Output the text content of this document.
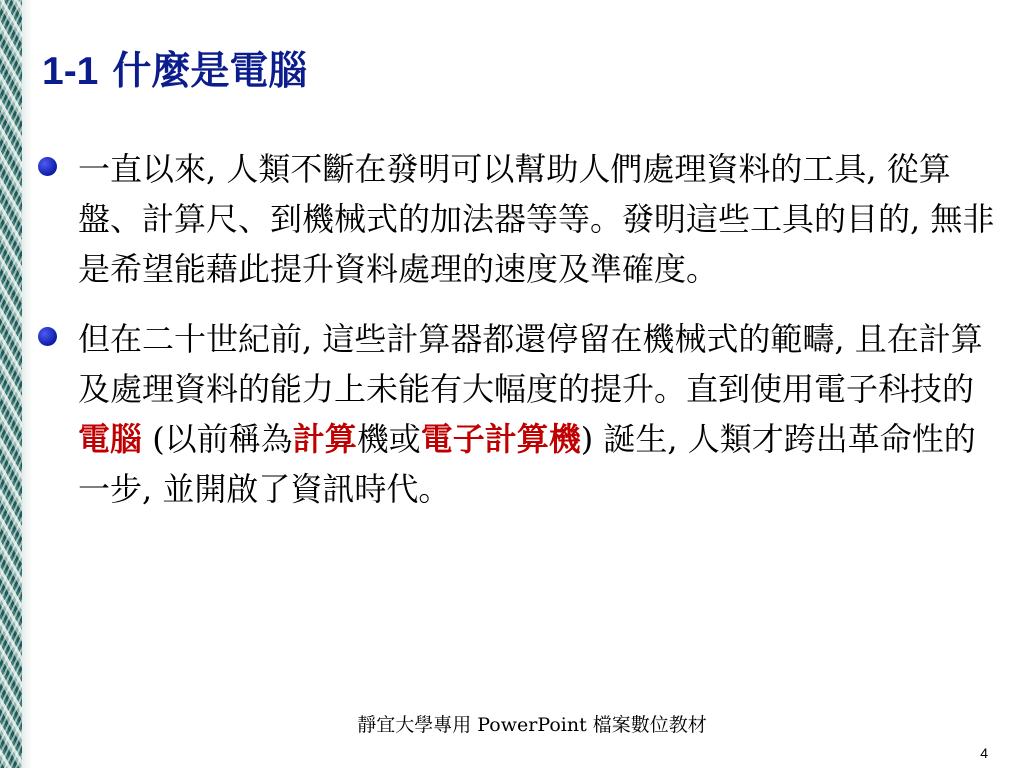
1-1 什麼是電腦

一直以來, 人類不斷在發明可以幫助人們處理資料的工具, 從算盤、計算尺、到機械式的加法器等等。發明這些工具的目的, 無非是希望能藉此提升資料處理的速度及準確度。

但在二十世紀前, 這些計算器都還停留在機械式的範疇, 且在計算及處理資料的能力上未能有大幅度的提升。直到使用電子科技的電腦 (以前稱為計算機或電子計算機) 誕生, 人類才跨出革命性的一步, 並開啟了資訊時代。

靜宜大學專用 PowerPoint 檔案數位教材
4
